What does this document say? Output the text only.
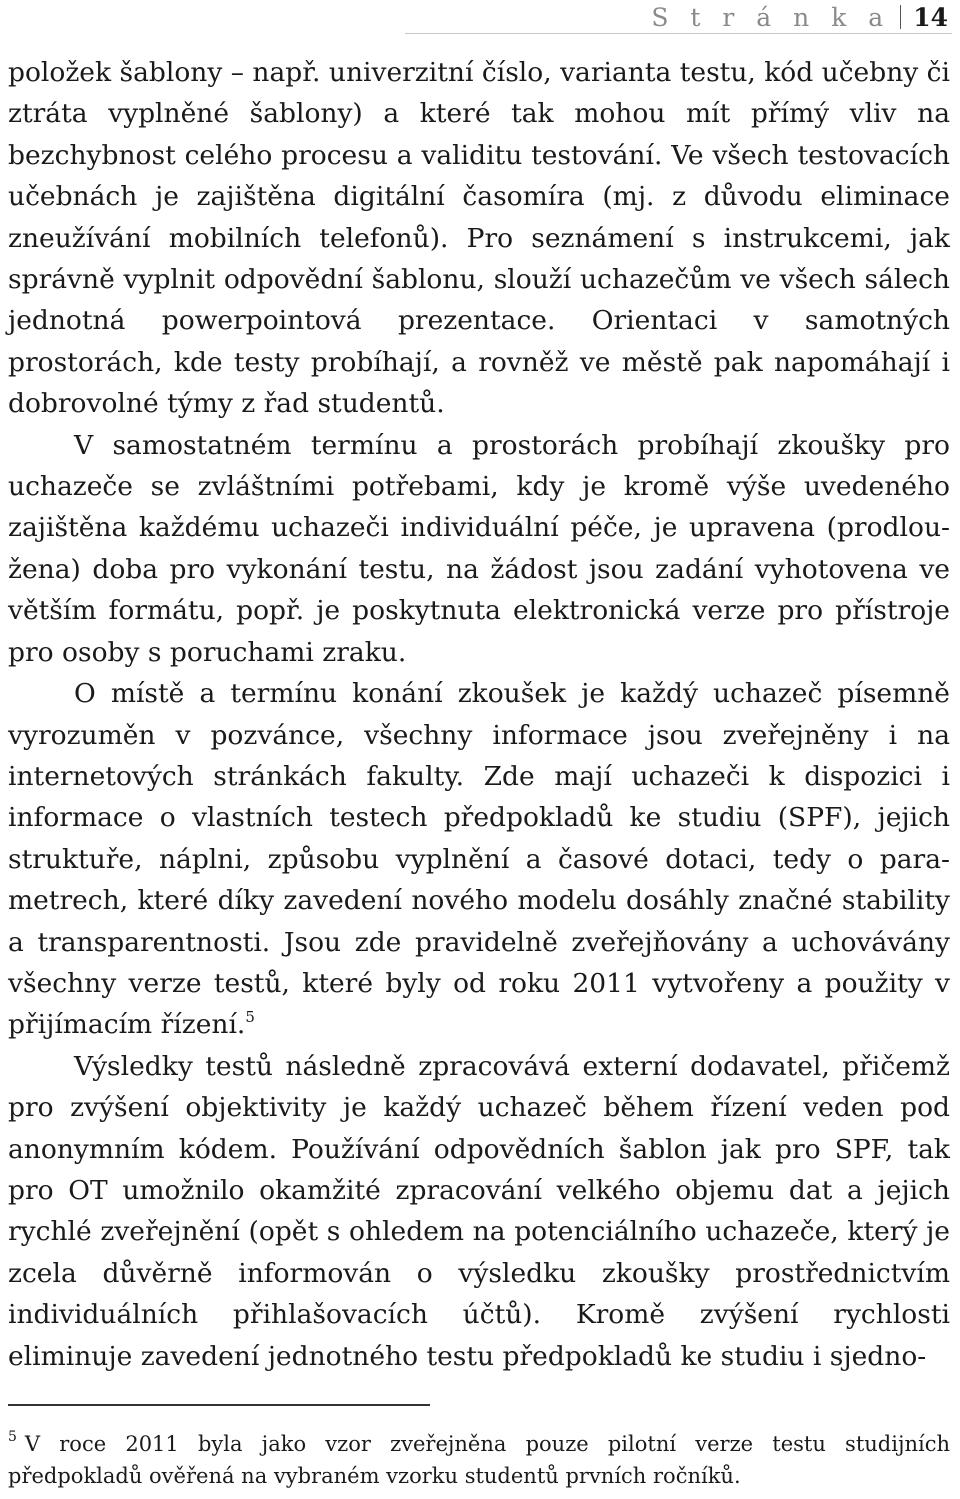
S t r á n k a 14

položek šablony – např. univerzitní číslo, varianta testu, kód učebny či ztráta vyplněné šablony) a které tak mohou mít přímý vliv na bezchybnost celého procesu a validitu testování. Ve všech testovacích učebnách je zajištěna digitální časomíra (mj. z důvodu eliminace zneužívání mobilních telefonů). Pro seznámení s instrukcemi, jak správně vyplnit odpovědní šablonu, slouží uchazečům ve všech sálech jednotná powerpointová prezentace. Orientaci v samotných prostorách, kde testy probíhají, a rovněž ve městě pak napomáhají i dobrovolné týmy z řad studentů.

V samostatném termínu a prostorách probíhají zkoušky pro uchazeče se zvláštními potřebami, kdy je kromě výše uvedeného zajištěna každému uchazeči individuální péče, je upravena (prodloužena) doba pro vykonání testu, na žádost jsou zadání vyhotovena ve větším formátu, popř. je poskytnuta elektronická verze pro přístroje pro osoby s poruchami zraku.

O místě a termínu konání zkoušek je každý uchazeč písemně vyrozuměn v pozvánce, všechny informace jsou zveřejněny i na internetových stránkách fakulty. Zde mají uchazeči k dispozici i informace o vlastních testech předpokladů ke studiu (SPF), jejich struktuře, náplni, způsobu vyplnění a časové dotaci, tedy o parametrech, které díky zavedení nového modelu dosáhly značné stability a transparentnosti. Jsou zde pravidelně zveřejňovány a uchovávány všechny verze testů, které byly od roku 2011 vytvořeny a použity v přijímacím řízení.$^5$

Výsledky testů následně zpracovává externí dodavatel, přičemž pro zvýšení objektivity je každý uchazeč během řízení veden pod anonymním kódem. Používání odpovědních šablon jak pro SPF, tak pro OT umožnilo okamžité zpracování velkého objemu dat a jejich rychlé zveřejnění (opět s ohledem na potenciálního uchazeče, který je zcela důvěrně informován o výsledku zkoušky prostřednictvím individuálních přihlašovacích účtů). Kromě zvýšení rychlosti eliminuje zavedení jednotného testu předpokladů ke studiu i sjedno-

$^5$ V roce 2011 byla jako vzor zveřejněna pouze pilotní verze testu studijních předpokladů ověřená na vybraném vzorku studentů prvních ročníků.
